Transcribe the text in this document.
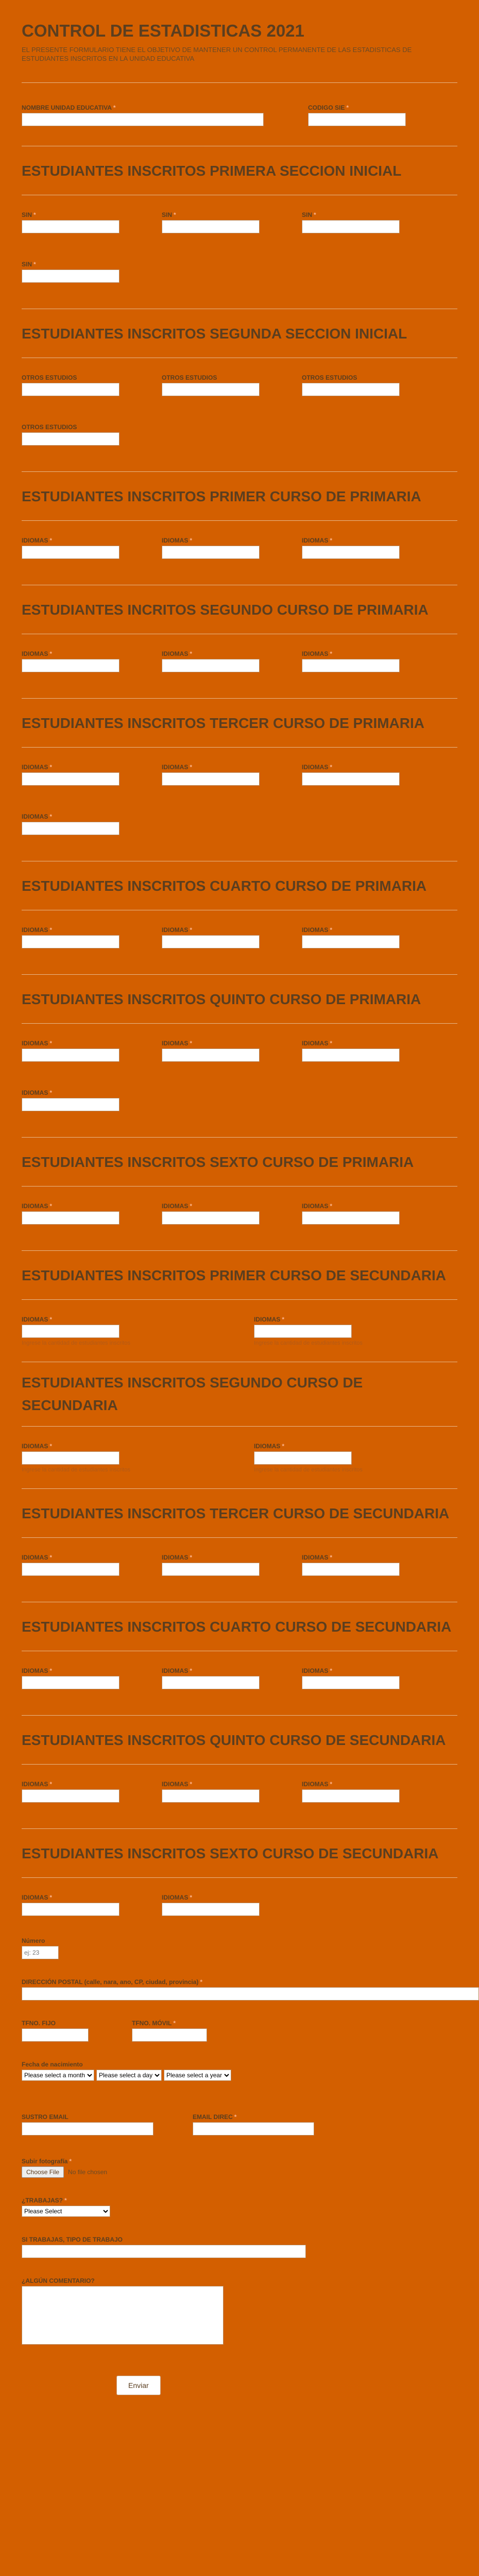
CONTROL DE ESTADISTICAS 2021

EL PRESENTE FORMULARIO TIENE EL OBJETIVO DE MANTENER UN CONTROL PERMANENTE DE LAS ESTADISTICAS DE ESTUDIANTES INSCRITOS EN LA UNIDAD EDUCATIVA

NOMBRE UNIDAD EDUCATIVA *	CODIGO SIE *
ESTUDIANTES INSCRITOS PRIMERA SECCION INICIAL
SIN *	SIN *	SIN *
SIN *
ESTUDIANTES INSCRITOS SEGUNDA SECCION INICIAL
OTROS ESTUDIOS	OTROS ESTUDIOS	OTROS ESTUDIOS
OTROS ESTUDIOS
ESTUDIANTES INSCRITOS PRIMER CURSO DE PRIMARIA
IDIOMAS *	IDIOMAS *	IDIOMAS *
ESTUDIANTES INCRITOS SEGUNDO CURSO DE PRIMARIA
IDIOMAS *	IDIOMAS *	IDIOMAS *
ESTUDIANTES INSCRITOS TERCER CURSO DE PRIMARIA
IDIOMAS *	IDIOMAS *	IDIOMAS *
IDIOMAS *
ESTUDIANTES INSCRITOS CUARTO CURSO DE PRIMARIA
IDIOMAS *	IDIOMAS *	IDIOMAS *
ESTUDIANTES INSCRITOS QUINTO CURSO DE PRIMARIA
IDIOMAS *	IDIOMAS *	IDIOMAS *
IDIOMAS *
ESTUDIANTES INSCRITOS SEXTO CURSO DE PRIMARIA
IDIOMAS *	IDIOMAS *	IDIOMAS *
ESTUDIANTES INSCRITOS PRIMER CURSO DE SECUNDARIA
IDIOMAS *
Ingrese la cantidad de estudiantes inscritos
IDIOMAS *
Ingrese la cantidad de estudiantes inscritos
ESTUDIANTES INSCRITOS SEGUNDO CURSO DE SECUNDARIA
IDIOMAS *
Ingrese la cantidad de estudiantes inscritos
IDIOMAS *
Ingrese la cantidad de estudiantes inscritos
ESTUDIANTES INSCRITOS TERCER CURSO DE SECUNDARIA
IDIOMAS *	IDIOMAS *	IDIOMAS *
ESTUDIANTES INSCRITOS CUARTO CURSO DE SECUNDARIA
IDIOMAS *	IDIOMAS *	IDIOMAS *
ESTUDIANTES INSCRITOS QUINTO CURSO DE SECUNDARIA
IDIOMAS *	IDIOMAS *	IDIOMAS *
ESTUDIANTES INSCRITOS SEXTO CURSO DE SECUNDARIA
IDIOMAS *	IDIOMAS *
Número
ej: 23
DIRECCIÓN POSTAL (calle, nara, ano, CP, ciudad, provincia) *
TFNO. FIJO	TFNO. MÓVIL *
Fecha de nacimiento
Please select a month
Please select a day
Please select a year
SUSTRO EMAIL	EMAIL DIREC *
Subir fotografía *
Choose File	No file chosen
¿TRABAJAS? *
Please Select
SI TRABAJAS, TIPO DE TRABAJO
¿ALGÚN COMENTARIO?
Enviar
